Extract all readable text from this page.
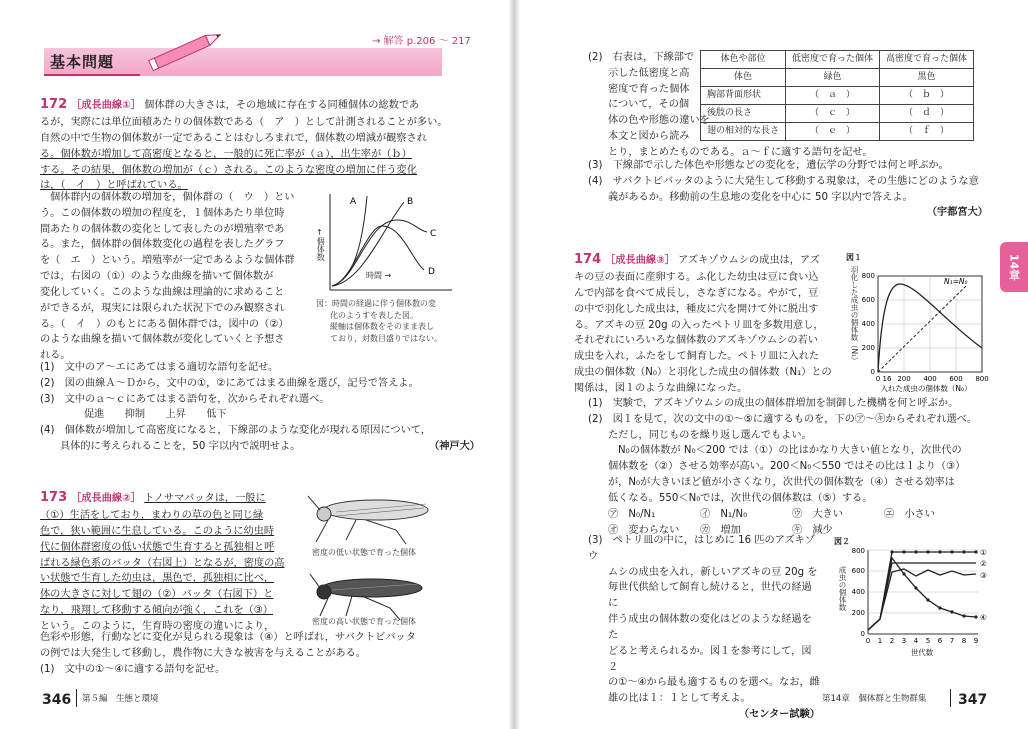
→ 解答 p.206 ～ 217
基本問題
172 ［成長曲線①］ 個体群の大きさは，その地域に存在する同種個体の総数であ
るが，実際には単位面積あたりの個体数である（　ア　）として計測されることが多い。
自然の中で生物の個体数が一定であることはむしろまれで，個体数の増減が観察され
る。個体数が増加して高密度となると，一般的に死亡率が（ａ），出生率が（ｂ）
する。その結果，個体数の増加が（ｃ）される。このような密度の増加に伴う変化
は，（　イ　）と呼ばれている。
個体群内の個体数の増加を，個体群の（　ウ　）とい
う。この個体数の増加の程度を，１個体あたり単位時
間あたりの個体数の変化として表したのが増殖率であ
る。また，個体群の個体数変化の過程を表したグラフ
を（　エ　）という。増殖率が一定であるような個体群
では，右図の（①）のような曲線を描いて個体数が
変化していく。このような曲線は理論的に求めること
ができるが，現実には限られた状況下でのみ観察され
る。（　イ　）のもとにある個体群では，図中の（②）
のような曲線を描いて個体数が変化していくと予想さ
れる。
A	B
C
D
↑
個体数
時間 →
図：時間の経過に伴う個体数の変
化のようすを表した図。
縦軸は個体数をそのまま表し
ており，対数目盛りではない。
(1)　文中のア～エにあてはまる適切な語句を記せ。
(2)　図の曲線Ａ～Ｄから，文中の①，②にあてはまる曲線を選び，記号で答えよ。
(3)　文中のａ～ｃにあてはまる語句を，次からそれぞれ選べ。
促進　　抑制　　上昇　　低下
(4)　個体数が増加して高密度になると，下線部のような変化が現れる原因について，
具体的に考えられることを，50 字以内で説明せよ。	（神戸大）
173 ［成長曲線②］ トノサマバッタは，一般に
（①）生活をしており，まわりの草の色と同じ緑
色で，狭い範囲に生息している。このように幼虫時
代に個体群密度の低い状態で生育すると孤独相と呼
ばれる緑色系のバッタ（右図上）となるが，密度の高
い状態で生育した幼虫は，黒色で，孤独相に比べ，
体の大きさに対して翅の（②）バッタ（右図下）と
なり，飛翔して移動する傾向が強く，これを（③）
という。このように，生育時の密度の違いにより，
色彩や形態，行動などに変化が見られる現象は（④）と呼ばれ，サバクトビバッタ
の例では大発生して移動し，農作物に大きな被害を与えることがある。
(1)　文中の①～④に適する語句を記せ。
密度の低い状態で育った個体
密度の高い状態で育った個体
346 第５編　生態と環境
(2)　右表は，下線部で
示した低密度と高
密度で育った個体
について，その個
体の色や形態の違いを
本文と図から読み
とり，まとめたものである。ａ～ｆに適する語句を記せ。
体色や部位	低密度で育った個体	高密度で育った個体
体色	緑色	黒色
胸部背面形状	（　ａ　）	（　ｂ　）
後肢の長さ	（　ｃ　）	（　ｄ　）
翅の相対的な長さ	（　ｅ　）	（　ｆ　）
(3)　下線部で示した体色や形態などの変化を，遺伝学の分野では何と呼ぶか。
(4)　サバクトビバッタのように大発生して移動する現象は，その生態にどのような意
義があるか。移動前の生息地の変化を中心に 50 字以内で答えよ。
（宇都宮大）
14章
174 ［成長曲線③］ アズキゾウムシの成虫は，アズ
キの豆の表面に産卵する。ふ化した幼虫は豆に食い込
んで内部を食べて成長し，さなぎになる。やがて，豆
の中で羽化した成虫は，種皮に穴を開けて外に脱出す
る。アズキの豆 20g の入ったペトリ皿を多数用意し，
それぞれにいろいろな個体数のアズキゾウムシの若い
成虫を入れ，ふたをして飼育した。ペトリ皿に入れた
成虫の個体数（N₀）と羽化した成虫の個体数（N₁）との
関係は，図１のような曲線になった。
図１
羽化した成虫の個体数（N₁）	N₁=N₀
0
200
400
600
800
0 16 200 400 600 800
入れた成虫の個体数（N₀）
(1)　実験で，アズキゾウムシの成虫の個体群増加を制御した機構を何と呼ぶか。
(2)　図１を見て，次の文中の①～⑤に適するものを，下の㋐～㋖からそれぞれ選べ。
ただし，同じものを繰り返し選んでもよい。
N₀の個体数が N₀＜200 では（①）の比はかなり大きい値となり，次世代の
個体数を（②）させる効率が高い。200＜N₀＜550 ではその比は１より（③）
が，N₀が大きいほど値が小さくなり，次世代の個体数を（④）させる効率は
低くなる。550＜N₀では，次世代の個体数は（⑤）する。
㋐　N₀/N₁	㋑　N₁/N₀	㋒　大きい	㋓　小さい
㋔　変わらない	㋕　増加	㋖　減少
(3)　ペトリ皿の中に，はじめに 16 匹のアズキゾウ
ムシの成虫を入れ，新しいアズキの豆 20g を
毎世代供給して飼育し続けると，世代の経過に
伴う成虫の個体数の変化はどのような経過をた
どると考えられるか。図１を参考にして，図２
の①～④から最も適するものを選べ。なお，雌
雄の比は１：１として考えよ。
（センター試験）
図２
成虫の個体数
①
②
③
④
0
200
400
600
800
0 1 2 3 4 5 6 7 8 9
世代数
第14章　個体群と生物群集 347
